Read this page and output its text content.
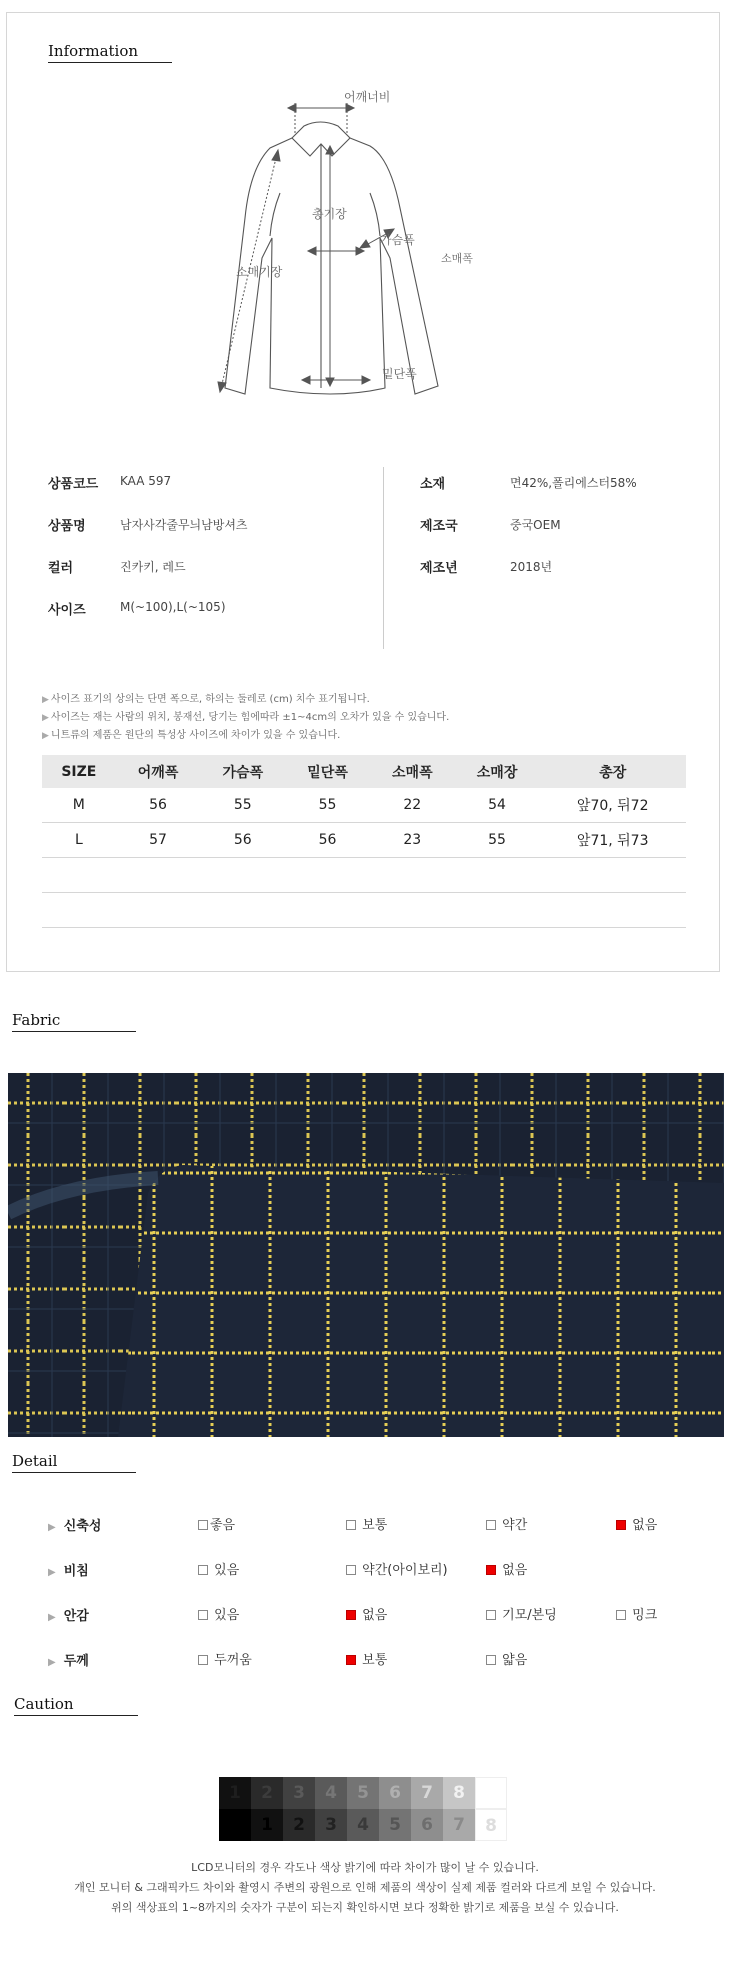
Information
어깨너비
총기장
가슴폭
소매기장
소매폭
밑단폭
상품코드 KAA 597
상품명	남자사각줄무늬남방셔츠
컬러	진카키, 레드
사이즈	M(~100),L(~105)
소재	면42%,폴리에스터58%
제조국	중국OEM
제조년	2018년
▶ 사이즈 표기의 상의는 단면 폭으로, 하의는 둘레로 (cm) 치수 표기됩니다.
▶ 사이즈는 재는 사람의 위치, 봉재선, 당기는 힘에따라 ±1~4cm의 오차가 있을 수 있습니다.
▶ 니트류의 제품은 원단의 특성상 사이즈에 차이가 있을 수 있습니다.
SIZE	어깨폭	가슴폭	밑단폭	소매폭	소매장	총장
M	56	55	55	22	54	앞70, 뒤72
L	57	56	56	23	55	앞71, 뒤73

Fabric
Detail
▶ 신축성	좋음	보통	약간	없음
▶ 비침	있음	약간(아이보리)	없음
▶ 안감	있음	없음	기모/본딩	밍크
▶ 두께	두꺼움	보통	얇음
Caution
1	2	3	4	5	6	7	8
1	2	3	4	5	6	7	8
LCD모니터의 경우 각도나 색상 밝기에 따라 차이가 많이 날 수 있습니다.
개인 모니터 & 그래픽카드 차이와 촬영시 주변의 광원으로 인해 제품의 색상이 실제 제품 컬러와 다르게 보일 수 있습니다.
위의 색상표의 1~8까지의 숫자가 구분이 되는지 확인하시면 보다 정확한 밝기로 제품을 보실 수 있습니다.
